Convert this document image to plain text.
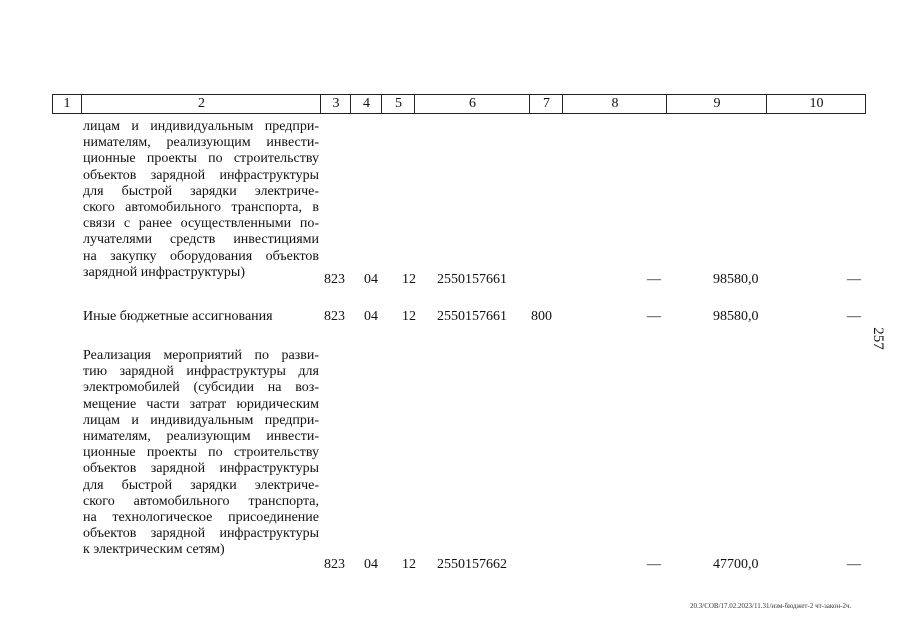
1	2	3	4	5	6	7	8	9	10
лицам и индивидуальным предпри-
нимателям, реализующим инвести-
ционные проекты по строительству
объектов зарядной инфраструктуры
для быстрой зарядки электриче-
ского автомобильного транспорта, в
связи с ранее осуществленными по-
лучателями средств инвестициями
на закупку оборудования объектов
зарядной инфраструктуры)	823 04 12 2550157661	—	98580,0	—
Иные бюджетные ассигнования	823 04 12 2550157661 800	—	98580,0	—
Реализация мероприятий по разви-
тию зарядной инфраструктуры для
электромобилей (субсидии на воз-
мещение части затрат юридическим
лицам и индивидуальным предпри-
нимателям, реализующим инвести-
ционные проекты по строительству
объектов зарядной инфраструктуры
для быстрой зарядки электриче-
ского автомобильного транспорта,
на технологическое присоединение
объектов зарядной инфраструктуры
к электрическим сетям)
823 04 12 2550157662	—	47700,0	—
257
20.3/СОВ/17.02.2023/11.31/изм-бюджет-2 чт-закон-2ч.
